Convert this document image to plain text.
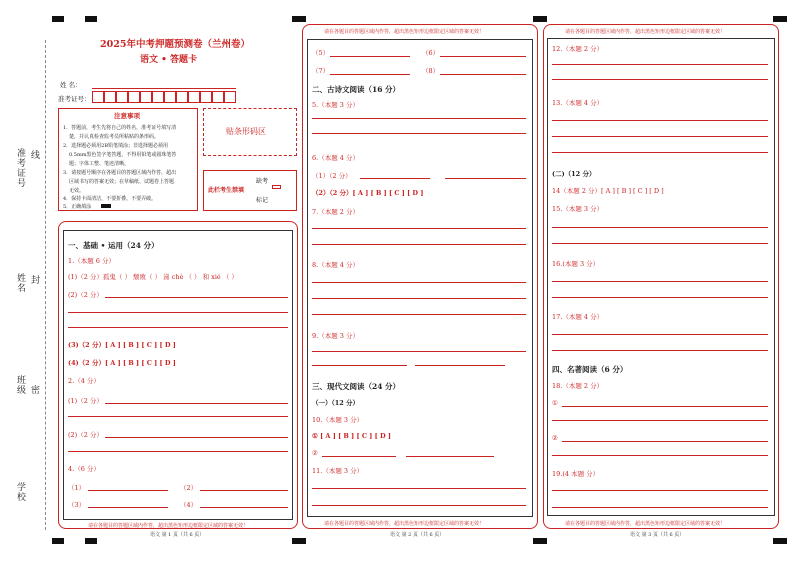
准考证号 线
姓名 封
班级 密
学校
2025年中考押题预测卷（兰州卷）
语文 • 答题卡
姓 名：
准考证号：
注意事项
1．答题前，考生先将自己的姓名，准考证号填写清
楚，并认真检查监考员所粘贴的条形码。
2．选择题必须用2B铅笔填涂；非选择题必须用
0.5mm黑色签字笔答题，不得用铅笔或圆珠笔答
题；字体工整、笔迹清晰。
3．请按题号顺序在各题目的答题区域内作答，超出
区域书写的答案无效；在草稿纸、试题卷上答题
无效。
4．保持卡面清洁，不要折叠、不要弄破。
5．正确填涂
贴条形码区
此栏考生禁填
缺考
标记
一、基础 • 运用（24 分）
1.（本题 6 分）
(1)（2 分）孤鬼（ ） 颓败（ ） 涕 chè （ ） 和 xié （ ）
(2)（2 分）
(3)（2 分）[ A ] [ B ] [ C ] [ D ]
(4)（2 分）[ A ] [ B ] [ C ] [ D ]
2.（4 分）
(1)（2 分）
(2)（2 分）
4.（6 分）
（1）	（2）
（3）	（4）
请在各题目的答题区域内作答，超出黑色矩形边框限定区域的答案无效！
语文 第 1 页（共 6 页）
请在各题目的答题区域内作答，超出黑色矩形边框限定区域的答案无效！
（5）	（6）
（7）	（8）
二、古诗文阅读（16 分）
5.（本题 3 分）
6.（本题 4 分）
（1）（2 分）
（2）（2 分）[ A ] [ B ] [ C ] [ D ]
7.（本题 2 分）
8.（本题 4 分）
9.（本题 3 分）
三、现代文阅读（24 分）
（一）（12 分）
10.（本题 3 分）
① [ A ] [ B ] [ C ] [ D ]
②
11.（本题 3 分）
请在各题目的答题区域内作答，超出黑色矩形边框限定区域的答案无效！
语文 第 2 页（共 6 页）
请在各题目的答题区域内作答，超出黑色矩形边框限定区域的答案无效！
12.（本题 2 分）
13.（本题 4 分）
(二)（12 分）
14（本题 2 分）[ A ] [ B ] [ C ] [ D ]
15.（本题 3 分）
16.(本题 3 分）
17.（本题 4 分）
四、名著阅读（6 分）
18.（本题 2 分）
①
②
19.(4 本题 分）
请在各题目的答题区域内作答，超出黑色矩形边框限定区域的答案无效！
语文 第 3 页（共 6 页）
